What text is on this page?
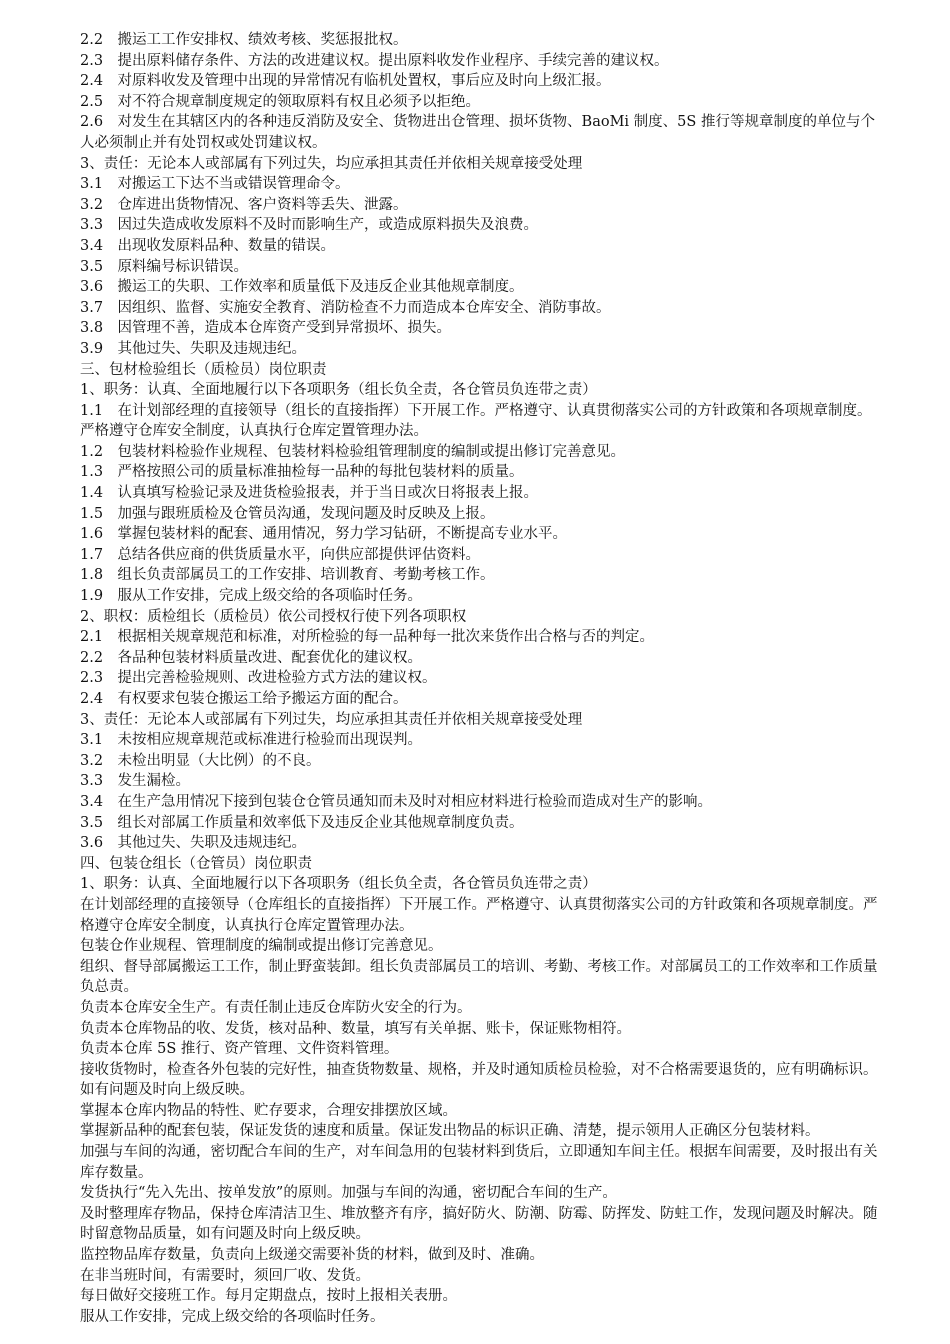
2.2　搬运工工作安排权、绩效考核、奖惩报批权。

2.3　提出原料储存条件、方法的改进建议权。提出原料收发作业程序、手续完善的建议权。

2.4　对原料收发及管理中出现的异常情况有临机处置权，事后应及时向上级汇报。

2.5　对不符合规章制度规定的领取原料有权且必须予以拒绝。

2.6　对发生在其辖区内的各种违反消防及安全、货物进出仓管理、损坏货物、BaoMi 制度、5S 推行等规章制度的单位与个人必须制止并有处罚权或处罚建议权。

3、责任：无论本人或部属有下列过失，均应承担其责任并依相关规章接受处理

3.1　对搬运工下达不当或错误管理命令。

3.2　仓库进出货物情况、客户资料等丢失、泄露。

3.3　因过失造成收发原料不及时而影响生产，或造成原料损失及浪费。

3.4　出现收发原料品种、数量的错误。

3.5　原料编号标识错误。

3.6　搬运工的失职、工作效率和质量低下及违反企业其他规章制度。

3.7　因组织、监督、实施安全教育、消防检查不力而造成本仓库安全、消防事故。

3.8　因管理不善，造成本仓库资产受到异常损坏、损失。

3.9　其他过失、失职及违规违纪。

三、包材检验组长（质检员）岗位职责

1、职务：认真、全面地履行以下各项职务（组长负全责，各仓管员负连带之责）

1.1　在计划部经理的直接领导（组长的直接指挥）下开展工作。严格遵守、认真贯彻落实公司的方针政策和各项规章制度。严格遵守仓库安全制度，认真执行仓库定置管理办法。

1.2　包装材料检验作业规程、包装材料检验组管理制度的编制或提出修订完善意见。

1.3　严格按照公司的质量标准抽检每一品种的每批包装材料的质量。

1.4　认真填写检验记录及进货检验报表，并于当日或次日将报表上报。

1.5　加强与跟班质检及仓管员沟通，发现问题及时反映及上报。

1.6　掌握包装材料的配套、通用情况，努力学习钻研，不断提高专业水平。

1.7　总结各供应商的供货质量水平，向供应部提供评估资料。

1.8　组长负责部属员工的工作安排、培训教育、考勤考核工作。

1.9　服从工作安排，完成上级交给的各项临时任务。

2、职权：质检组长（质检员）依公司授权行使下列各项职权

2.1　根据相关规章规范和标准，对所检验的每一品种每一批次来货作出合格与否的判定。

2.2　各品种包装材料质量改进、配套优化的建议权。

2.3　提出完善检验规则、改进检验方式方法的建议权。

2.4　有权要求包装仓搬运工给予搬运方面的配合。

3、责任：无论本人或部属有下列过失，均应承担其责任并依相关规章接受处理

3.1　未按相应规章规范或标准进行检验而出现误判。

3.2　未检出明显（大比例）的不良。

3.3　发生漏检。

3.4　在生产急用情况下接到包装仓仓管员通知而未及时对相应材料进行检验而造成对生产的影响。

3.5　组长对部属工作质量和效率低下及违反企业其他规章制度负责。

3.6　其他过失、失职及违规违纪。

四、包装仓组长（仓管员）岗位职责

1、职务：认真、全面地履行以下各项职务（组长负全责，各仓管员负连带之责）

在计划部经理的直接领导（仓库组长的直接指挥）下开展工作。严格遵守、认真贯彻落实公司的方针政策和各项规章制度。严格遵守仓库安全制度，认真执行仓库定置管理办法。

包装仓作业规程、管理制度的编制或提出修订完善意见。

组织、督导部属搬运工工作，制止野蛮装卸。组长负责部属员工的培训、考勤、考核工作。对部属员工的工作效率和工作质量负总责。

负责本仓库安全生产。有责任制止违反仓库防火安全的行为。

负责本仓库物品的收、发货，核对品种、数量，填写有关单据、账卡，保证账物相符。

负责本仓库 5S 推行、资产管理、文件资料管理。

接收货物时，检查各外包装的完好性，抽查货物数量、规格，并及时通知质检员检验，对不合格需要退货的，应有明确标识。如有问题及时向上级反映。

掌握本仓库内物品的特性、贮存要求，合理安排摆放区域。

掌握新品种的配套包装，保证发货的速度和质量。保证发出物品的标识正确、清楚，提示领用人正确区分包装材料。

加强与车间的沟通，密切配合车间的生产，对车间急用的包装材料到货后，立即通知车间主任。根据车间需要，及时报出有关库存数量。

发货执行“先入先出、按单发放”的原则。加强与车间的沟通，密切配合车间的生产。

及时整理库存物品，保持仓库清洁卫生、堆放整齐有序，搞好防火、防潮、防霉、防挥发、防蛀工作，发现问题及时解决。随时留意物品质量，如有问题及时向上级反映。

监控物品库存数量，负责向上级递交需要补货的材料，做到及时、准确。

在非当班时间，有需要时，须回厂收、发货。

每日做好交接班工作。每月定期盘点，按时上报相关表册。

服从工作安排，完成上级交给的各项临时任务。
